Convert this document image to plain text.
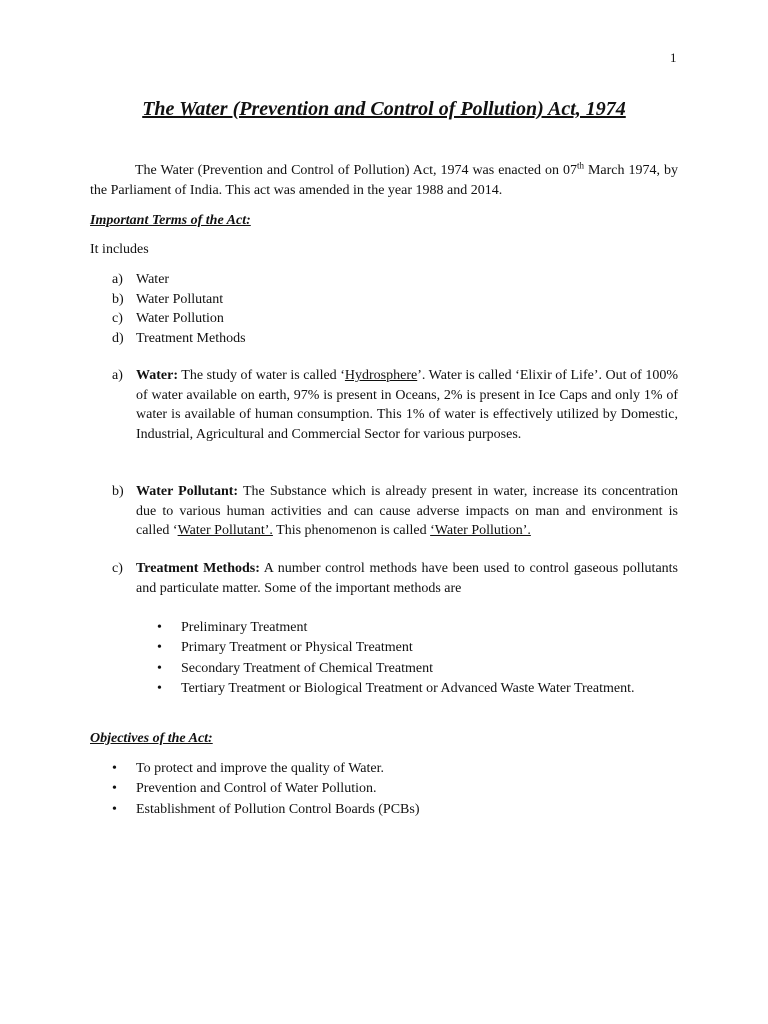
1
The Water (Prevention and Control of Pollution) Act, 1974
The Water (Prevention and Control of Pollution) Act, 1974 was enacted on 07th March 1974, by the Parliament of India. This act was amended in the year 1988 and 2014.
Important Terms of the Act:
It includes
a) Water
b) Water Pollutant
c) Water Pollution
d) Treatment Methods
a) Water: The study of water is called ‘Hydrosphere’. Water is called ‘Elixir of Life’. Out of 100% of water available on earth, 97% is present in Oceans, 2% is present in Ice Caps and only 1% of water is available of human consumption. This 1% of water is effectively utilized by Domestic, Industrial, Agricultural and Commercial Sector for various purposes.
b) Water Pollutant: The Substance which is already present in water, increase its concentration due to various human activities and can cause adverse impacts on man and environment is called ‘Water Pollutant’. This phenomenon is called ‘Water Pollution’.
c) Treatment Methods: A number control methods have been used to control gaseous pollutants and particulate matter. Some of the important methods are
• Preliminary Treatment
• Primary Treatment or Physical Treatment
• Secondary Treatment of Chemical Treatment
• Tertiary Treatment or Biological Treatment or Advanced Waste Water Treatment.
Objectives of the Act:
• To protect and improve the quality of Water.
• Prevention and Control of Water Pollution.
• Establishment of Pollution Control Boards (PCBs)
